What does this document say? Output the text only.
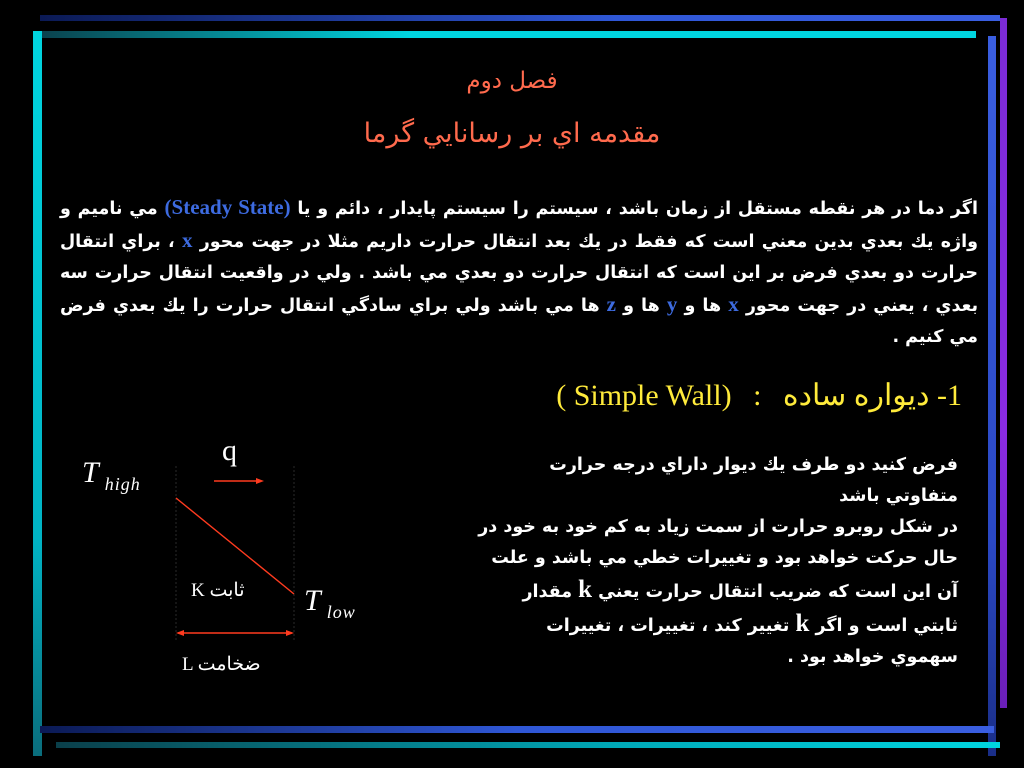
فصل دوم
مقدمه اي بر رسانايي گرما
اگر دما در هر نقطه مستقل از زمان باشد ، سيستم را سيستم پايدار ، دائم و يا (Steady State) مي ناميم و واژه يك بعدي بدين معني است كه فقط در يك بعد انتقال حرارت داريم مثلا در جهت محور x ، براي انتقال حرارت دو بعدي فرض بر اين است كه انتقال حرارت دو بعدي مي باشد . ولي در واقعيت انتقال حرارت سه بعدي ، يعني در جهت محور x ها و y ها و z ها مي باشد ولي براي سادگي انتقال حرارت را يك بعدي فرض مي كنيم .
1- ديواره ساده : (Simple Wall )
فرض كنيد دو طرف يك ديوار داراي درجه حرارت متفاوتي باشد
در شكل روبرو حرارت از سمت زياد به كم خود به خود در حال حركت خواهد بود و تغييرات خطي مي باشد و علت آن اين است كه ضريب انتقال حرارت يعني k مقدار ثابتي است و اگر k تغيير كند ، تغييرات ، تغييرات سهموي خواهد بود .
q
Thigh
Tlow
K ثابت
L ضخامت
